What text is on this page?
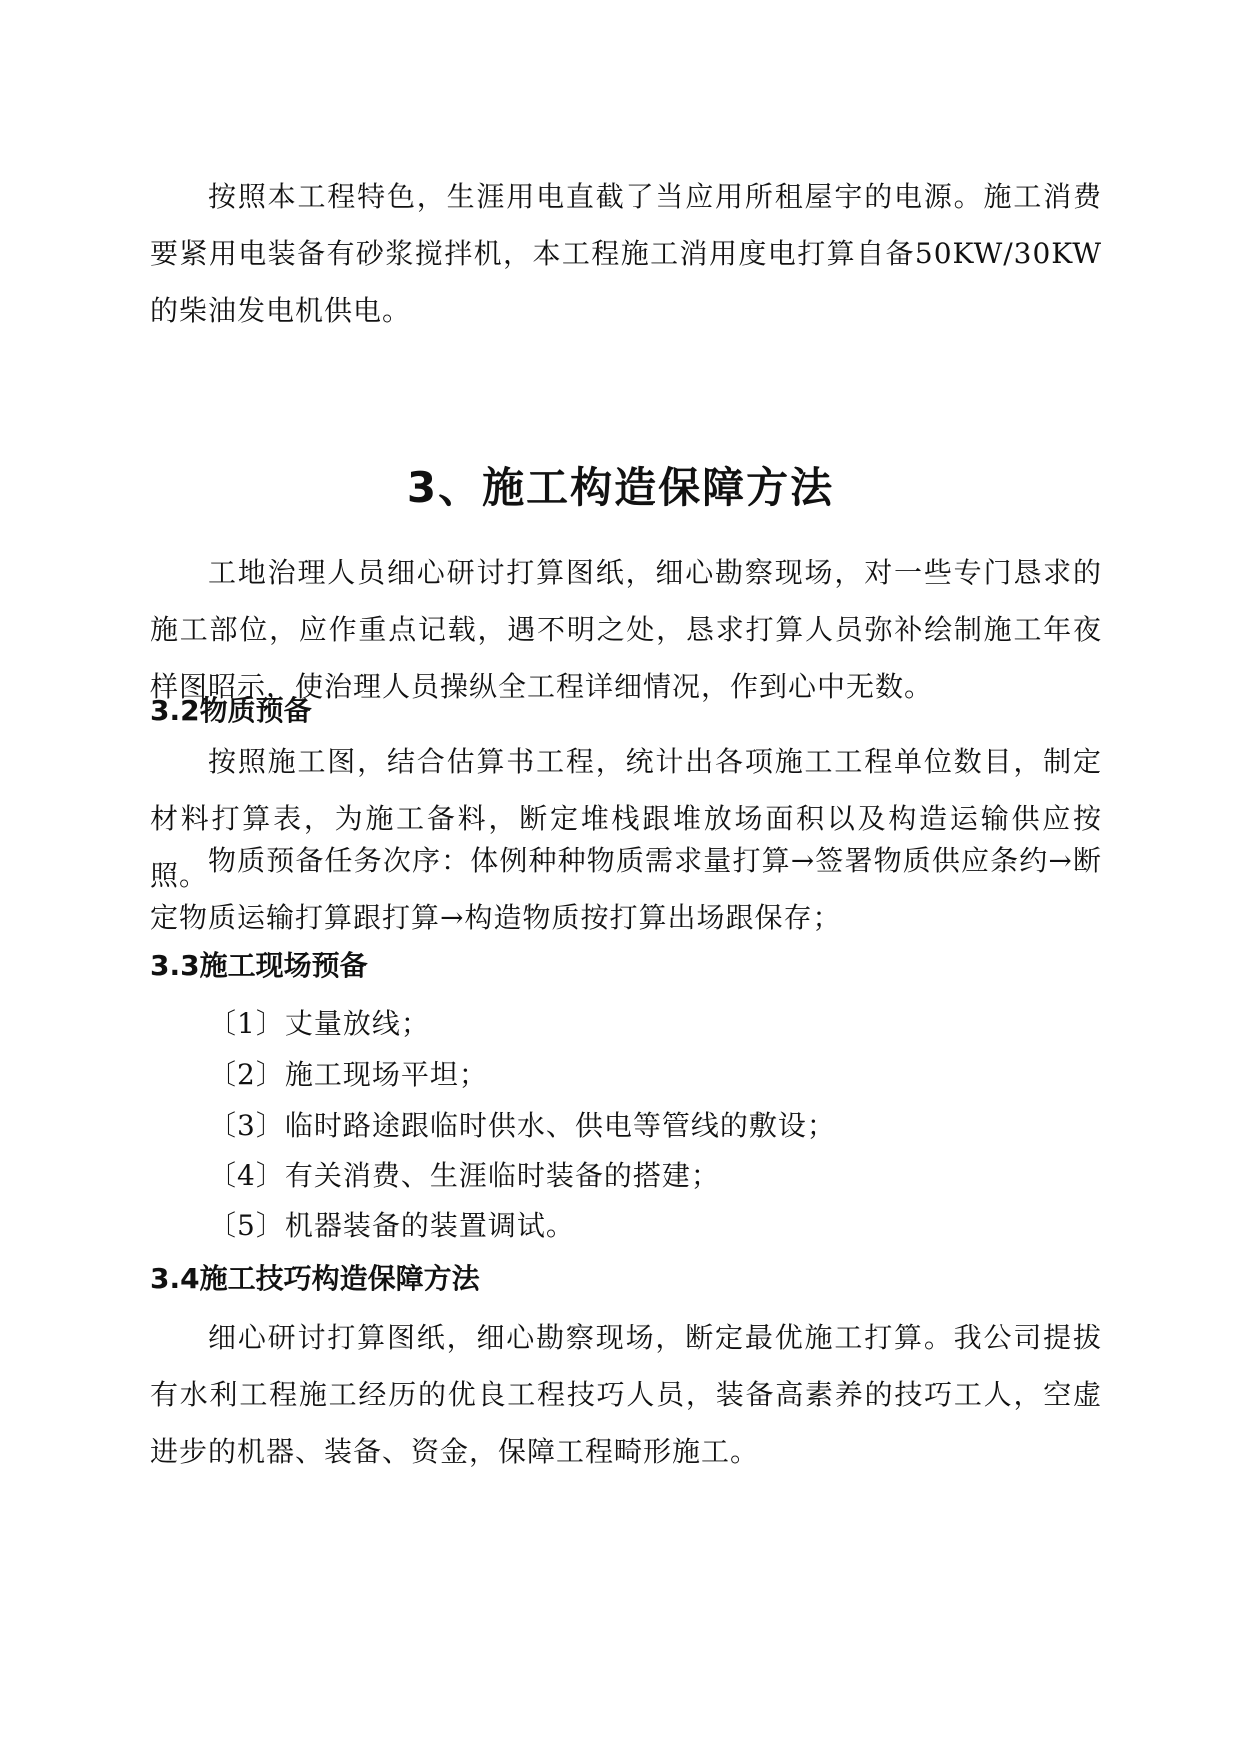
按照本工程特色，生涯用电直截了当应用所租屋宇的电源。施工消费要紧用电装备有砂浆搅拌机，本工程施工消用度电打算自备50KW/30KW的柴油发电机供电。

3、施工构造保障方法

工地治理人员细心研讨打算图纸，细心勘察现场，对一些专门恳求的施工部位，应作重点记载，遇不明之处，恳求打算人员弥补绘制施工年夜样图昭示，使治理人员操纵全工程详细情况，作到心中无数。

3.2物质预备

按照施工图，结合估算书工程，统计出各项施工工程单位数目，制定材料打算表，为施工备料，断定堆栈跟堆放场面积以及构造运输供应按照。 物质预备任务次序：体例种种物质需求量打算→签署物质供应条约→断定物质运输打算跟打算→构造物质按打算出场跟保存；

3.3施工现场预备
〔1〕丈量放线；
〔2〕施工现场平坦；
〔3〕临时路途跟临时供水、供电等管线的敷设；
〔4〕有关消费、生涯临时装备的搭建；
〔5〕机器装备的装置调试。
3.4施工技巧构造保障方法

细心研讨打算图纸，细心勘察现场，断定最优施工打算。我公司提拔有水利工程施工经历的优良工程技巧人员，装备高素养的技巧工人，空虚进步的机器、装备、资金，保障工程畸形施工。
